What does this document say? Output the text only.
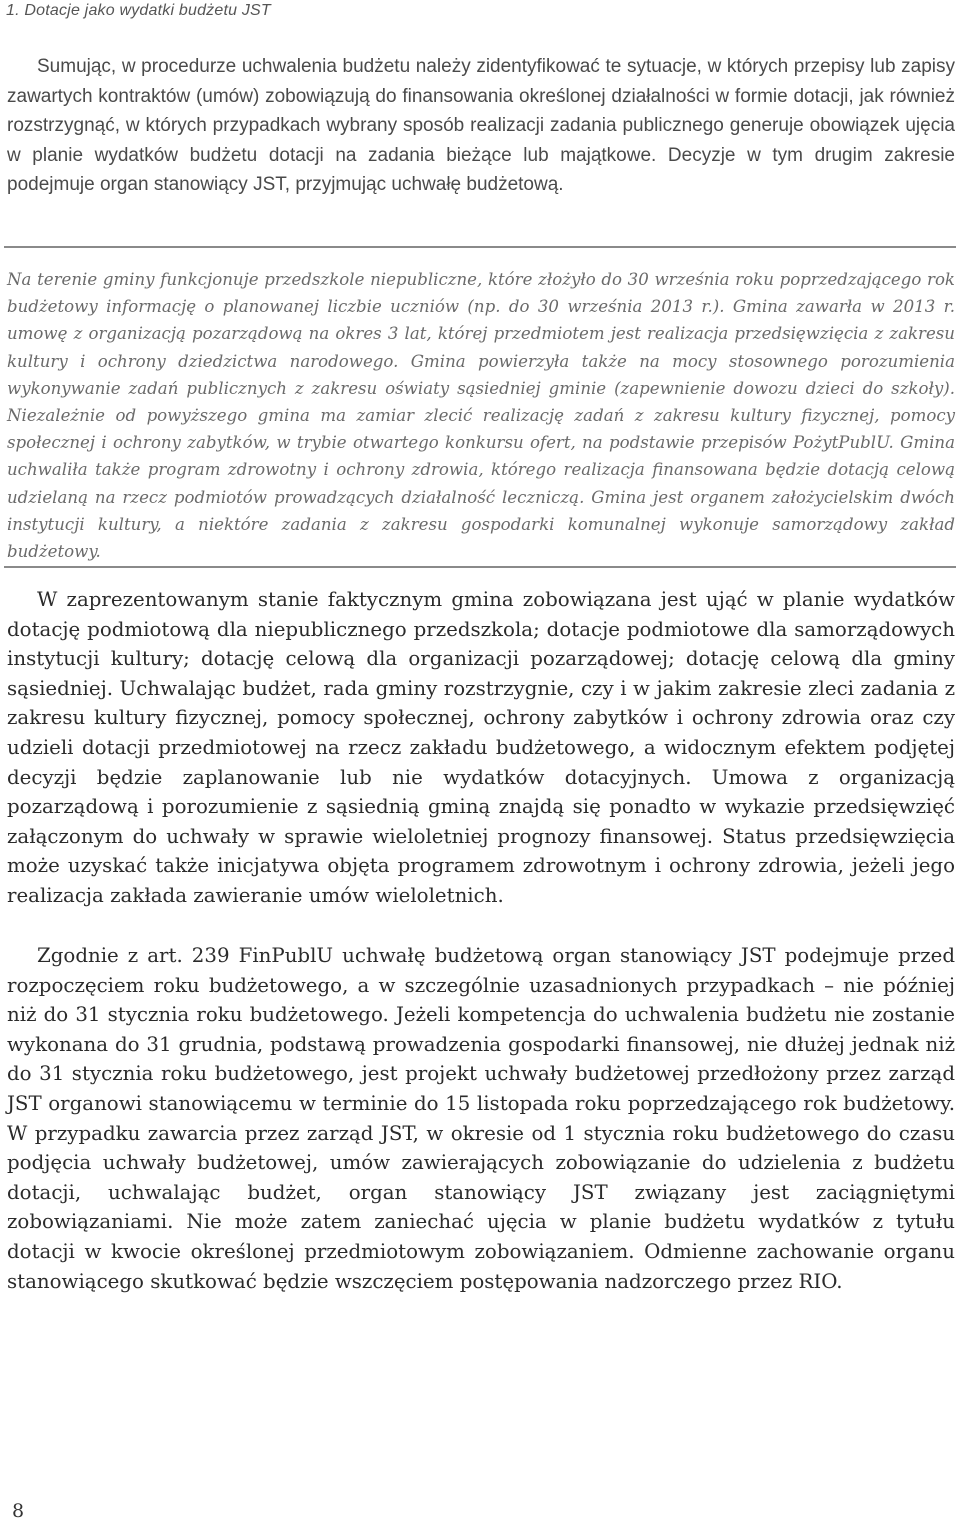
1. Dotacje jako wydatki budżetu JST

Sumując, w procedurze uchwalenia budżetu należy zidentyfikować te sytuacje, w których przepisy lub zapisy zawartych kontraktów (umów) zobowiązują do finansowania określonej działalności w formie dotacji, jak również rozstrzygnąć, w których przypadkach wybrany sposób realizacji zadania publicznego generuje obowiązek ujęcia w planie wydatków budżetu dotacji na zadania bieżące lub majątkowe. Decyzje w tym drugim zakresie podejmuje organ stanowiący JST, przyjmując uchwałę budżetową.

Na terenie gminy funkcjonuje przedszkole niepubliczne, które złożyło do 30 września roku poprzedzającego rok budżetowy informację o planowanej liczbie uczniów (np. do 30 września 2013 r.). Gmina zawarła w 2013 r. umowę z organizacją pozarządową na okres 3 lat, której przedmiotem jest realizacja przedsięwzięcia z zakresu kultury i ochrony dziedzictwa narodowego. Gmina powierzyła także na mocy stosownego porozumienia wykonywanie zadań publicznych z zakresu oświaty sąsiedniej gminie (zapewnienie dowozu dzieci do szkoły). Niezależnie od powyższego gmina ma zamiar zlecić realizację zadań z zakresu kultury fizycznej, pomocy społecznej i ochrony zabytków, w trybie otwartego konkursu ofert, na podstawie przepisów PożytPublU. Gmina uchwaliła także program zdrowotny i ochrony zdrowia, którego realizacja finansowana będzie dotacją celową udzielaną na rzecz podmiotów prowadzących działalność leczniczą. Gmina jest organem założycielskim dwóch instytucji kultury, a niektóre zadania z zakresu gospodarki komunalnej wykonuje samorządowy zakład budżetowy.

W zaprezentowanym stanie faktycznym gmina zobowiązana jest ująć w planie wydatków dotację podmiotową dla niepublicznego przedszkola; dotacje podmiotowe dla samorządowych instytucji kultury; dotację celową dla organizacji pozarządowej; dotację celową dla gminy sąsiedniej. Uchwalając budżet, rada gminy rozstrzygnie, czy i w jakim zakresie zleci zadania z zakresu kultury fizycznej, pomocy społecznej, ochrony zabytków i ochrony zdrowia oraz czy udzieli dotacji przedmiotowej na rzecz zakładu budżetowego, a widocznym efektem podjętej decyzji będzie zaplanowanie lub nie wydatków dotacyjnych. Umowa z organizacją pozarządową i porozumienie z sąsiednią gminą znajdą się ponadto w wykazie przedsięwzięć załączonym do uchwały w sprawie wieloletniej prognozy finansowej. Status przedsięwzięcia może uzyskać także inicjatywa objęta programem zdrowotnym i ochrony zdrowia, jeżeli jego realizacja zakłada zawieranie umów wieloletnich.

Zgodnie z art. 239 FinPublU uchwałę budżetową organ stanowiący JST podejmuje przed rozpoczęciem roku budżetowego, a w szczególnie uzasadnionych przypadkach – nie później niż do 31 stycznia roku budżetowego. Jeżeli kompetencja do uchwalenia budżetu nie zostanie wykonana do 31 grudnia, podstawą prowadzenia gospodarki finansowej, nie dłużej jednak niż do 31 stycznia roku budżetowego, jest projekt uchwały budżetowej przedłożony przez zarząd JST organowi stanowiącemu w terminie do 15 listopada roku poprzedzającego rok budżetowy. W przypadku zawarcia przez zarząd JST, w okresie od 1 stycznia roku budżetowego do czasu podjęcia uchwały budżetowej, umów zawierających zobowiązanie do udzielenia z budżetu dotacji, uchwalając budżet, organ stanowiący JST związany jest zaciągniętymi zobowiązaniami. Nie może zatem zaniechać ujęcia w planie budżetu wydatków z tytułu dotacji w kwocie określonej przedmiotowym zobowiązaniem. Odmienne zachowanie organu stanowiącego skutkować będzie wszczęciem postępowania nadzorczego przez RIO.

8
